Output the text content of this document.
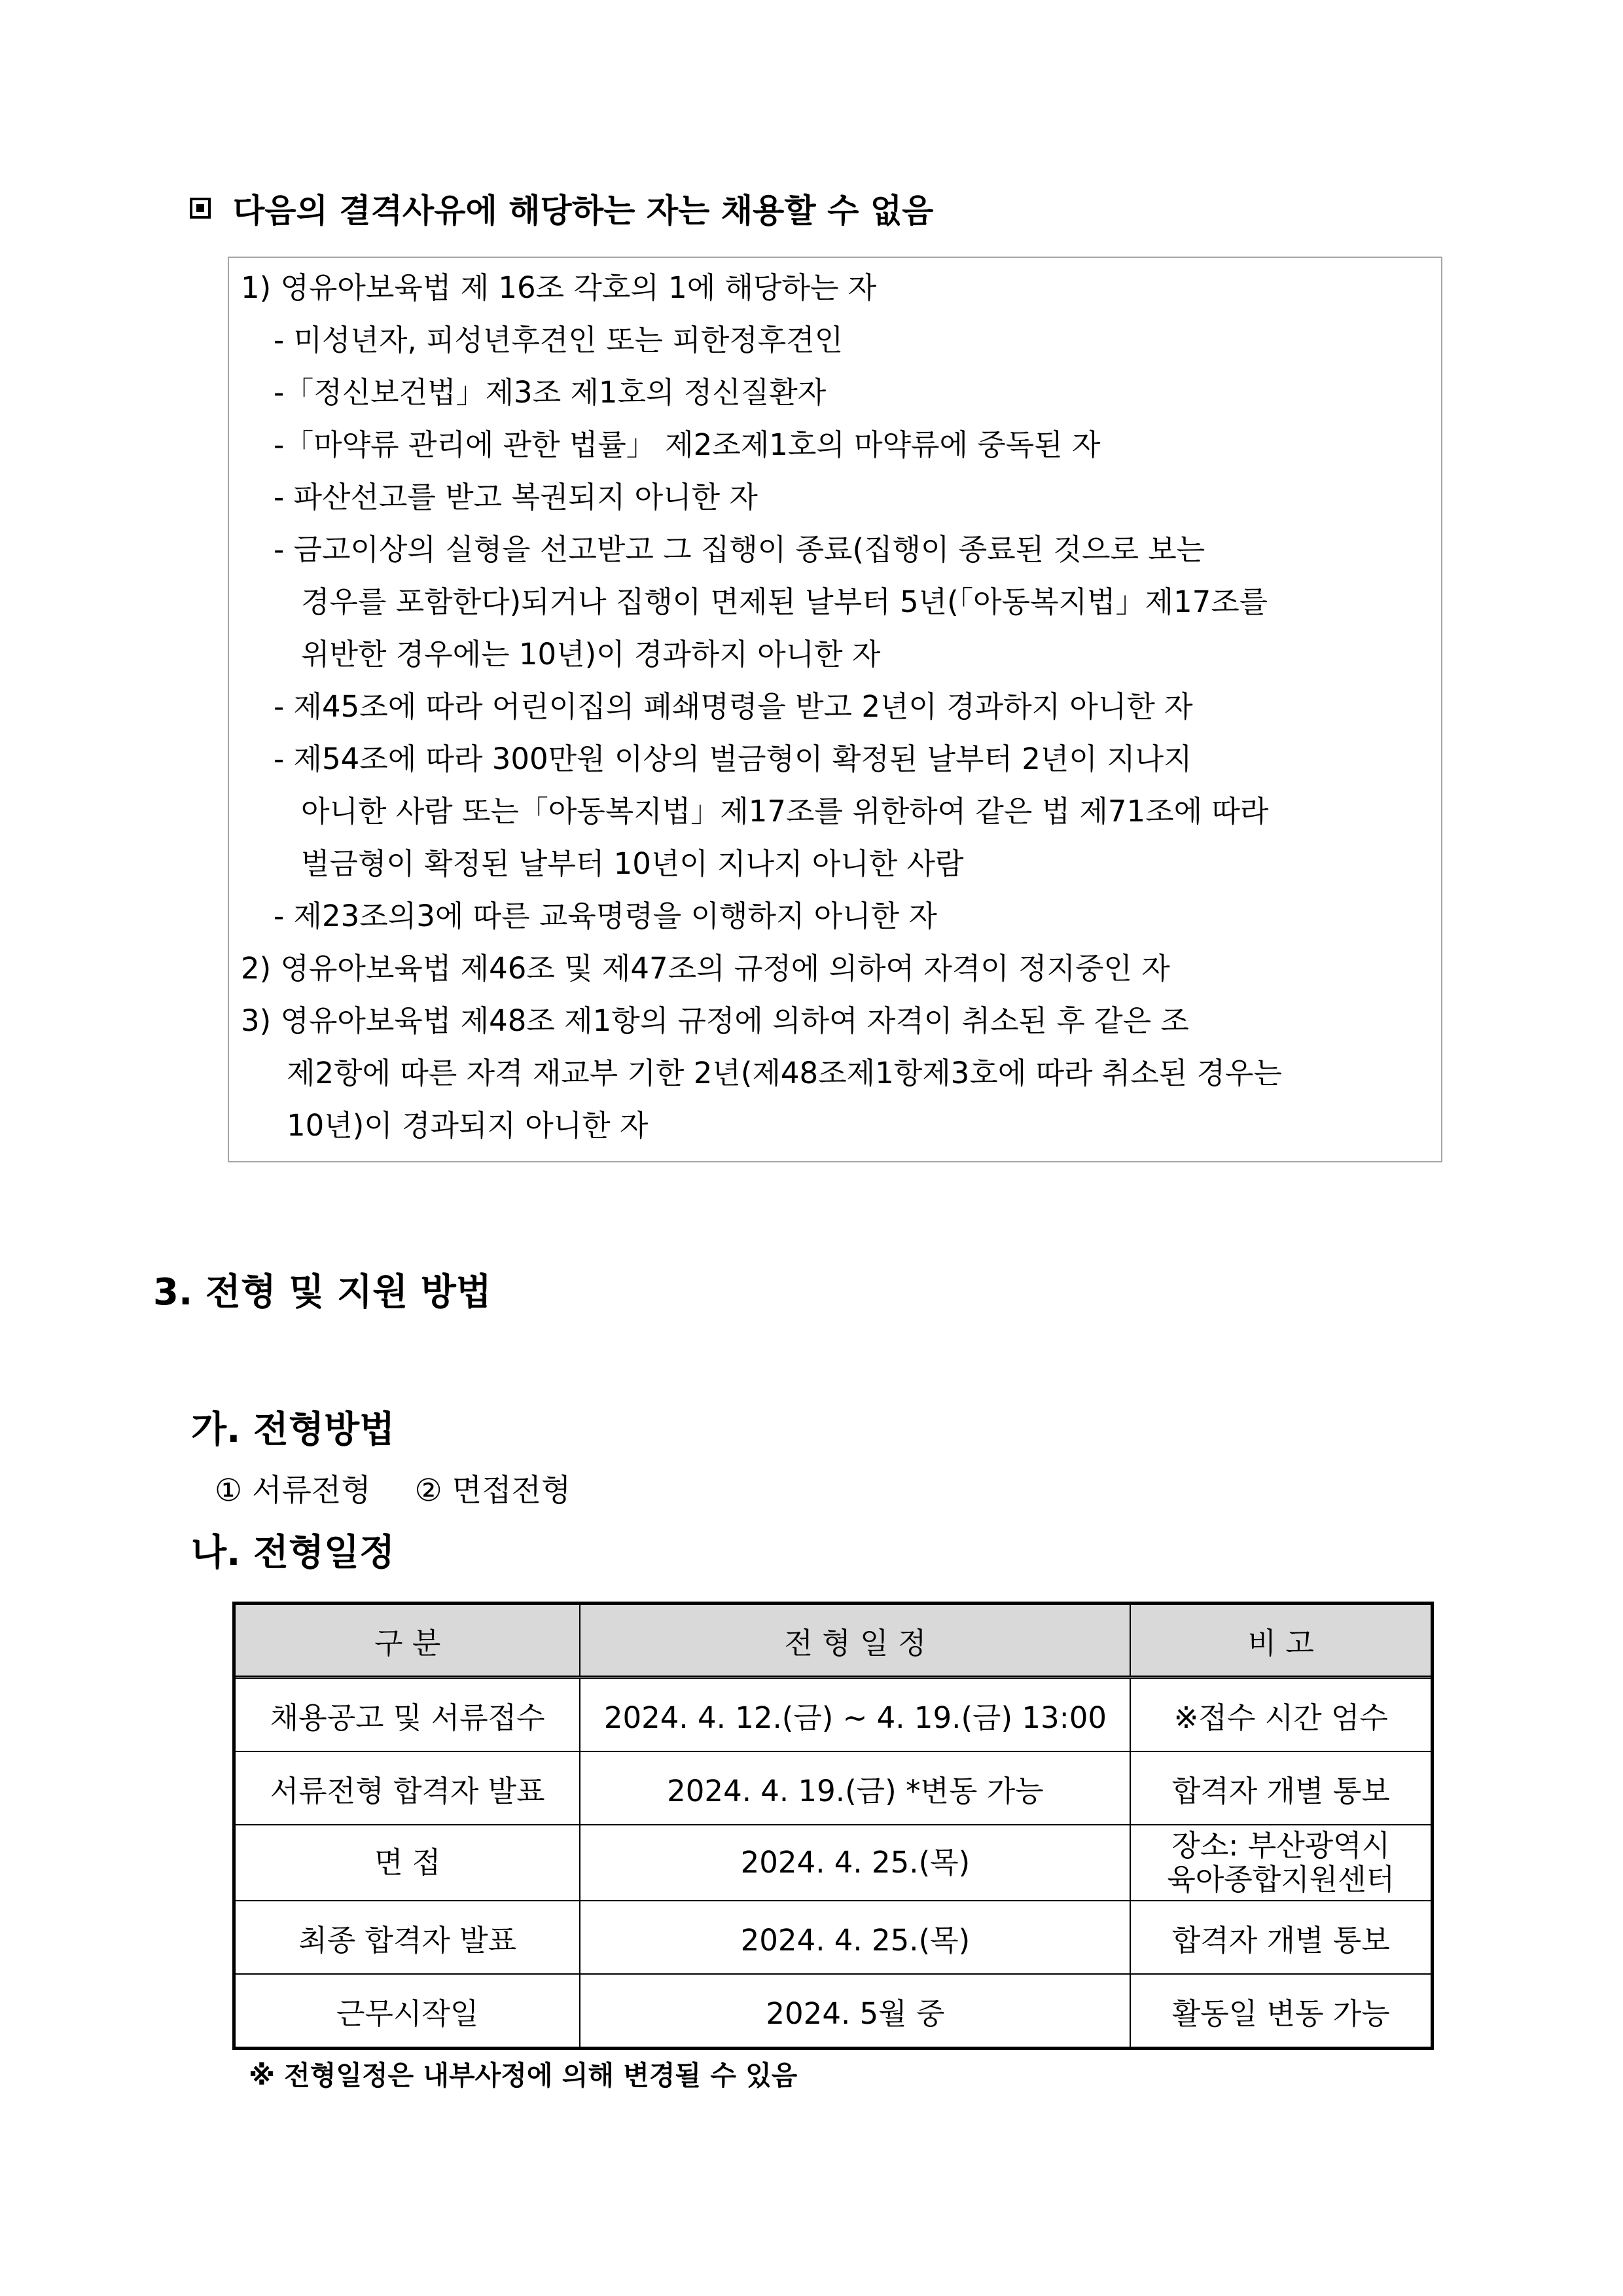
다음의 결격사유에 해당하는 자는 채용할 수 없음
1) 영유아보육법 제 16조 각호의 1에 해당하는 자
- 미성년자, 피성년후견인 또는 피한정후견인
-「정신보건법」제3조 제1호의 정신질환자
-「마약류 관리에 관한 법률」 제2조제1호의 마약류에 중독된 자
- 파산선고를 받고 복권되지 아니한 자
- 금고이상의 실형을 선고받고 그 집행이 종료(집행이 종료된 것으로 보는
경우를 포함한다)되거나 집행이 면제된 날부터 5년(「아동복지법」제17조를
위반한 경우에는 10년)이 경과하지 아니한 자
- 제45조에 따라 어린이집의 폐쇄명령을 받고 2년이 경과하지 아니한 자
- 제54조에 따라 300만원 이상의 벌금형이 확정된 날부터 2년이 지나지
아니한 사람 또는「아동복지법」제17조를 위한하여 같은 법 제71조에 따라
벌금형이 확정된 날부터 10년이 지나지 아니한 사람
- 제23조의3에 따른 교육명령을 이행하지 아니한 자
2) 영유아보육법 제46조 및 제47조의 규정에 의하여 자격이 정지중인 자
3) 영유아보육법 제48조 제1항의 규정에 의하여 자격이 취소된 후 같은 조
제2항에 따른 자격 재교부 기한 2년(제48조제1항제3호에 따라 취소된 경우는
10년)이 경과되지 아니한 자
3. 전형 및 지원 방법
가. 전형방법
① 서류전형 ② 면접전형
나. 전형일정
구 분	전 형 일 정	비 고
채용공고 및 서류접수	2024. 4. 12.(금) ~ 4. 19.(금) 13:00	※접수 시간 엄수
서류전형 합격자 발표	2024. 4. 19.(금) *변동 가능	합격자 개별 통보
면 접	2024. 4. 25.(목)	장소: 부산광역시
육아종합지원센터

최종 합격자 발표	2024. 4. 25.(목)	합격자 개별 통보
근무시작일	2024. 5월 중	활동일 변동 가능
※ 전형일정은 내부사정에 의해 변경될 수 있음
